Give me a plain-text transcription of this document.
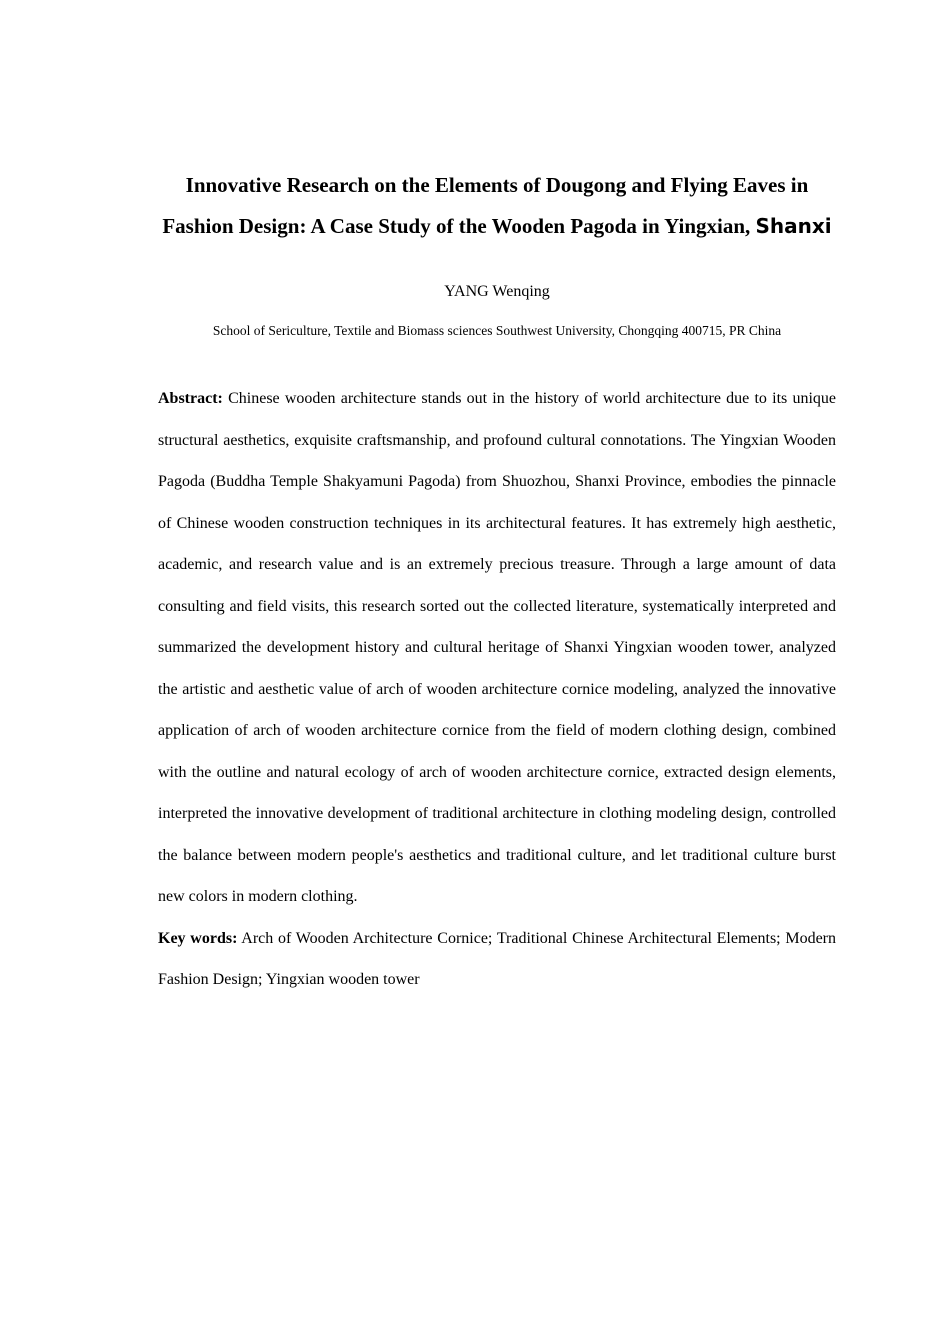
Innovative Research on the Elements of Dougong and Flying Eaves in Fashion Design: A Case Study of the Wooden Pagoda in Yingxian, Shanxi

YANG Wenqing

School of Sericulture, Textile and Biomass sciences Southwest University, Chongqing 400715, PR China

Abstract: Chinese wooden architecture stands out in the history of world architecture due to its unique structural aesthetics, exquisite craftsmanship, and profound cultural connotations. The Yingxian Wooden Pagoda (Buddha Temple Shakyamuni Pagoda) from Shuozhou, Shanxi Province, embodies the pinnacle of Chinese wooden construction techniques in its architectural features. It has extremely high aesthetic, academic, and research value and is an extremely precious treasure. Through a large amount of data consulting and field visits, this research sorted out the collected literature, systematically interpreted and summarized the development history and cultural heritage of Shanxi Yingxian wooden tower, analyzed the artistic and aesthetic value of arch of wooden architecture cornice modeling, analyzed the innovative application of arch of wooden architecture cornice from the field of modern clothing design, combined with the outline and natural ecology of arch of wooden architecture cornice, extracted design elements, interpreted the innovative development of traditional architecture in clothing modeling design, controlled the balance between modern people's aesthetics and traditional culture, and let traditional culture burst new colors in modern clothing.

Key words: Arch of Wooden Architecture Cornice; Traditional Chinese Architectural Elements; Modern Fashion Design; Yingxian wooden tower
